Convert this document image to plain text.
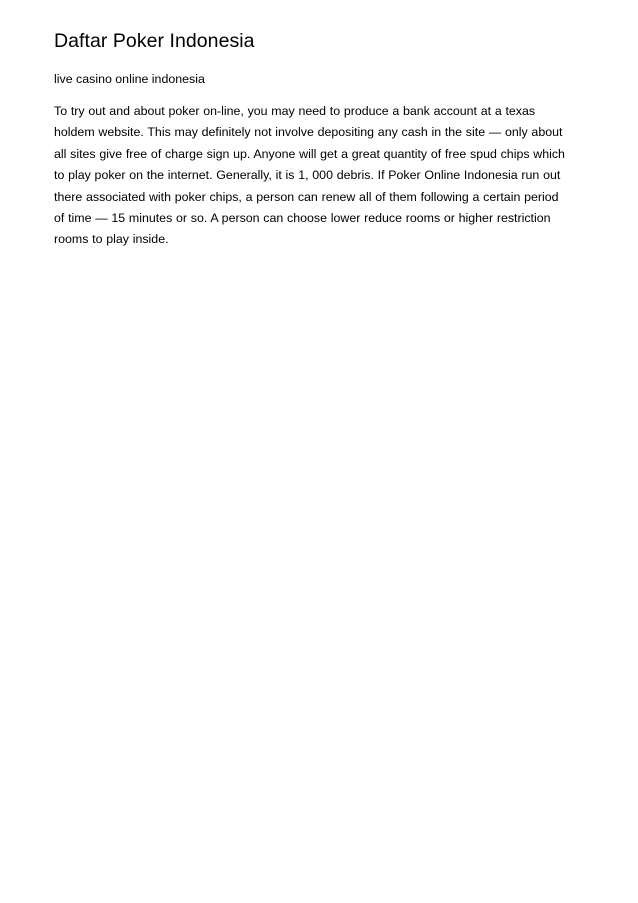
Daftar Poker Indonesia
live casino online indonesia

To try out and about poker on-line, you may need to produce a bank account at a texas
holdem website. This may definitely not involve depositing any cash in the site — only about
all sites give free of charge sign up. Anyone will get a great quantity of free spud chips which
to play poker on the internet. Generally, it is 1, 000 debris. If Poker Online Indonesia run out
there associated with poker chips, a person can renew all of them following a certain period
of time — 15 minutes or so. A person can choose lower reduce rooms or higher restriction
rooms to play inside.
